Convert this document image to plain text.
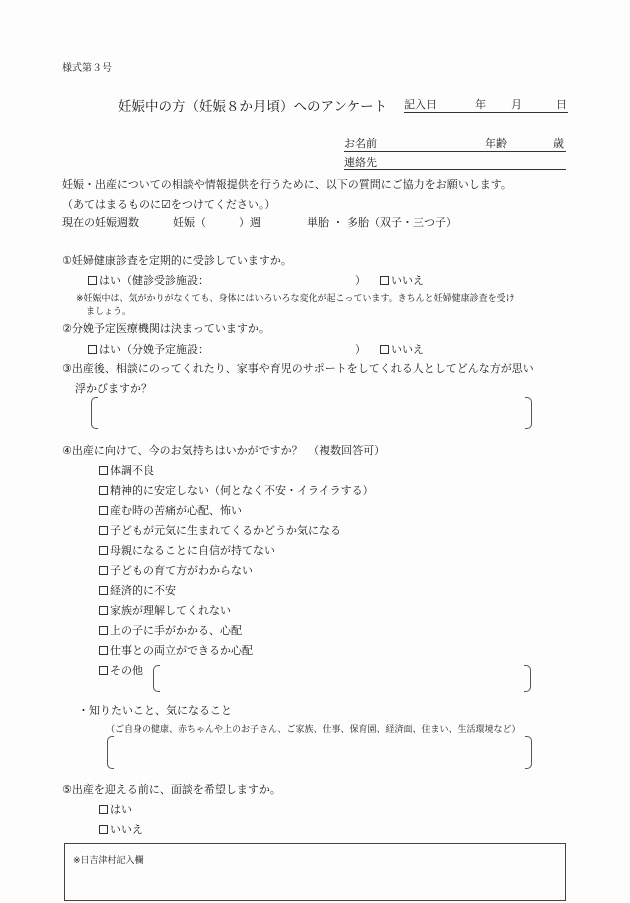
様式第３号
妊娠中の方（妊娠８か月頃）へのアンケート 記入日	年 月	日
お名前	年齢	歳
連絡先
妊娠・出産についての相談や情報提供を行うために、以下の質問にご協力をお願いします。
（あてはまるものに☑をつけてください。）
現在の妊娠週数	妊娠（　　　）週	単胎 ・ 多胎（双子・三つ子）
①妊婦健康診査を定期的に受診していますか。
はい（健診受診施設：	）	いいえ
※妊娠中は、気がかりがなくても、身体にはいろいろな変化が起こっています。きちんと妊婦健康診査を受け
ましょう。
②分娩予定医療機関は決まっていますか。
はい（分娩予定施設：	）	いいえ
③出産後、相談にのってくれたり、家事や育児のサポートをしてくれる人としてどんな方が思い
浮かびますか？
④出産に向けて、今のお気持ちはいかがですか？　（複数回答可）
体調不良
精神的に安定しない（何となく不安・イライラする）
産む時の苦痛が心配、怖い
子どもが元気に生まれてくるかどうか気になる
母親になることに自信が持てない
子どもの育て方がわからない
経済的に不安
家族が理解してくれない
上の子に手がかかる、心配
仕事との両立ができるか心配
その他
・知りたいこと、気になること
（ご自身の健康、赤ちゃんや上のお子さん、ご家族、仕事、保育園、経済面、住まい、生活環境など）
⑤出産を迎える前に、面談を希望しますか。
はい
いいえ
※日吉津村記入欄
